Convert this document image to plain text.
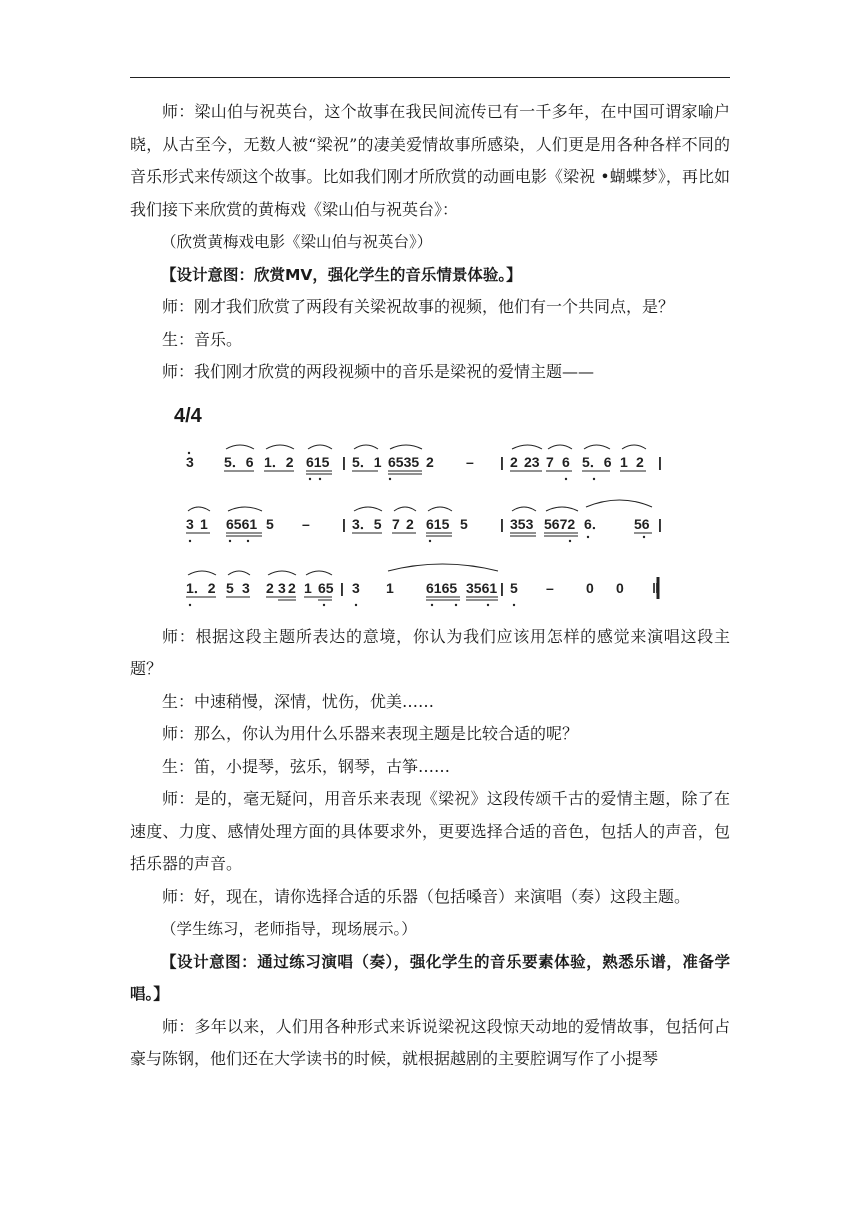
师：梁山伯与祝英台，这个故事在我民间流传已有一千多年，在中国可谓家喻户晓，从古至今，无数人被“梁祝”的凄美爱情故事所感染，人们更是用各种各样不同的音乐形式来传颂这个故事。比如我们刚才所欣赏的动画电影《梁祝 •蝴蝶梦》，再比如我们接下来欣赏的黄梅戏《梁山伯与祝英台》：

（欣赏黄梅戏电影《梁山伯与祝英台》）

【设计意图：欣赏MV，强化学生的音乐情景体验。】

师：刚才我们欣赏了两段有关梁祝故事的视频，他们有一个共同点，是？

生：音乐。

师：我们刚才欣赏的两段视频中的音乐是梁祝的爱情主题——

4/4
3 5．6 1．2 615 | 5．1 6535 2 – | 2 23 7 6 5．6 1 2 |
3 1 6561 5 – | 3．5 7 2 615 5 | 353 5672 6． 56 |
1．2 5 3 2 3 2 1 65 | 3 1 6165 3561 | 5 – 0 0 ‖

师：根据这段主题所表达的意境，你认为我们应该用怎样的感觉来演唱这段主题？

生：中速稍慢，深情，忧伤，优美……

师：那么，你认为用什么乐器来表现主题是比较合适的呢？

生：笛，小提琴，弦乐，钢琴，古筝……

师：是的，毫无疑问，用音乐来表现《梁祝》这段传颂千古的爱情主题，除了在速度、力度、感情处理方面的具体要求外，更要选择合适的音色，包括人的声音，包括乐器的声音。

师：好，现在，请你选择合适的乐器（包括嗓音）来演唱（奏）这段主题。

（学生练习，老师指导，现场展示。）

【设计意图：通过练习演唱（奏），强化学生的音乐要素体验，熟悉乐谱，准备学唱。】

师：多年以来，人们用各种形式来诉说梁祝这段惊天动地的爱情故事，包括何占豪与陈钢，他们还在大学读书的时候，就根据越剧的主要腔调写作了小提琴
